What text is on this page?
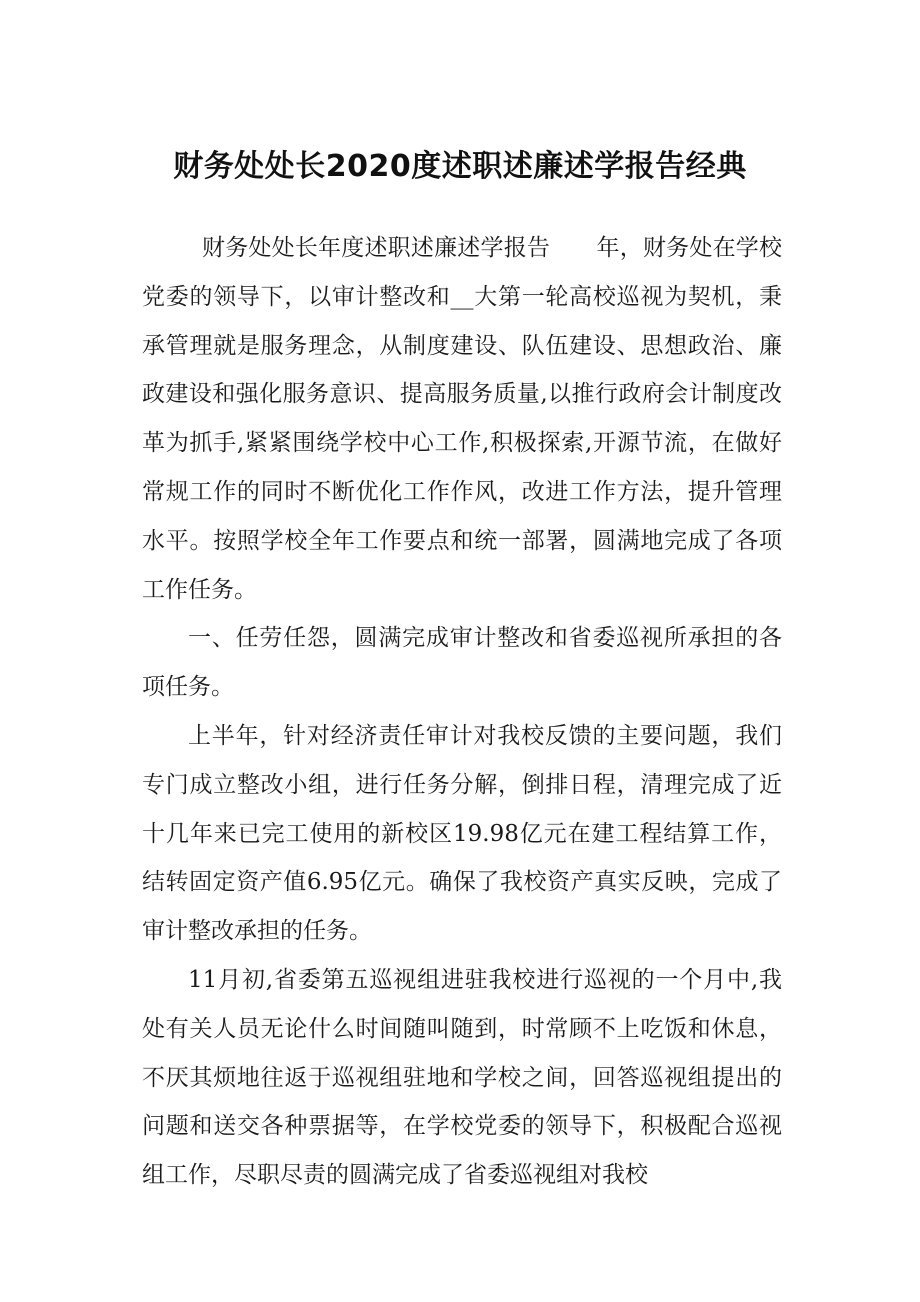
财务处处长2020度述职述廉述学报告经典

财务处处长年度述职述廉述学报告　　年，财务处在学校党委的领导下，以审计整改和__大第一轮高校巡视为契机，秉承管理就是服务理念，从制度建设、队伍建设、思想政治、廉政建设和强化服务意识、提高服务质量,以推行政府会计制度改革为抓手,紧紧围绕学校中心工作,积极探索,开源节流，在做好常规工作的同时不断优化工作作风，改进工作方法，提升管理水平。按照学校全年工作要点和统一部署，圆满地完成了各项工作任务。

一、任劳任怨，圆满完成审计整改和省委巡视所承担的各项任务。

上半年，针对经济责任审计对我校反馈的主要问题，我们专门成立整改小组，进行任务分解，倒排日程，清理完成了近十几年来已完工使用的新校区19.98亿元在建工程结算工作，结转固定资产值6.95亿元。确保了我校资产真实反映，完成了审计整改承担的任务。

11月初,省委第五巡视组进驻我校进行巡视的一个月中,我处有关人员无论什么时间随叫随到，时常顾不上吃饭和休息，不厌其烦地往返于巡视组驻地和学校之间，回答巡视组提出的问题和送交各种票据等，在学校党委的领导下，积极配合巡视组工作，尽职尽责的圆满完成了省委巡视组对我校
